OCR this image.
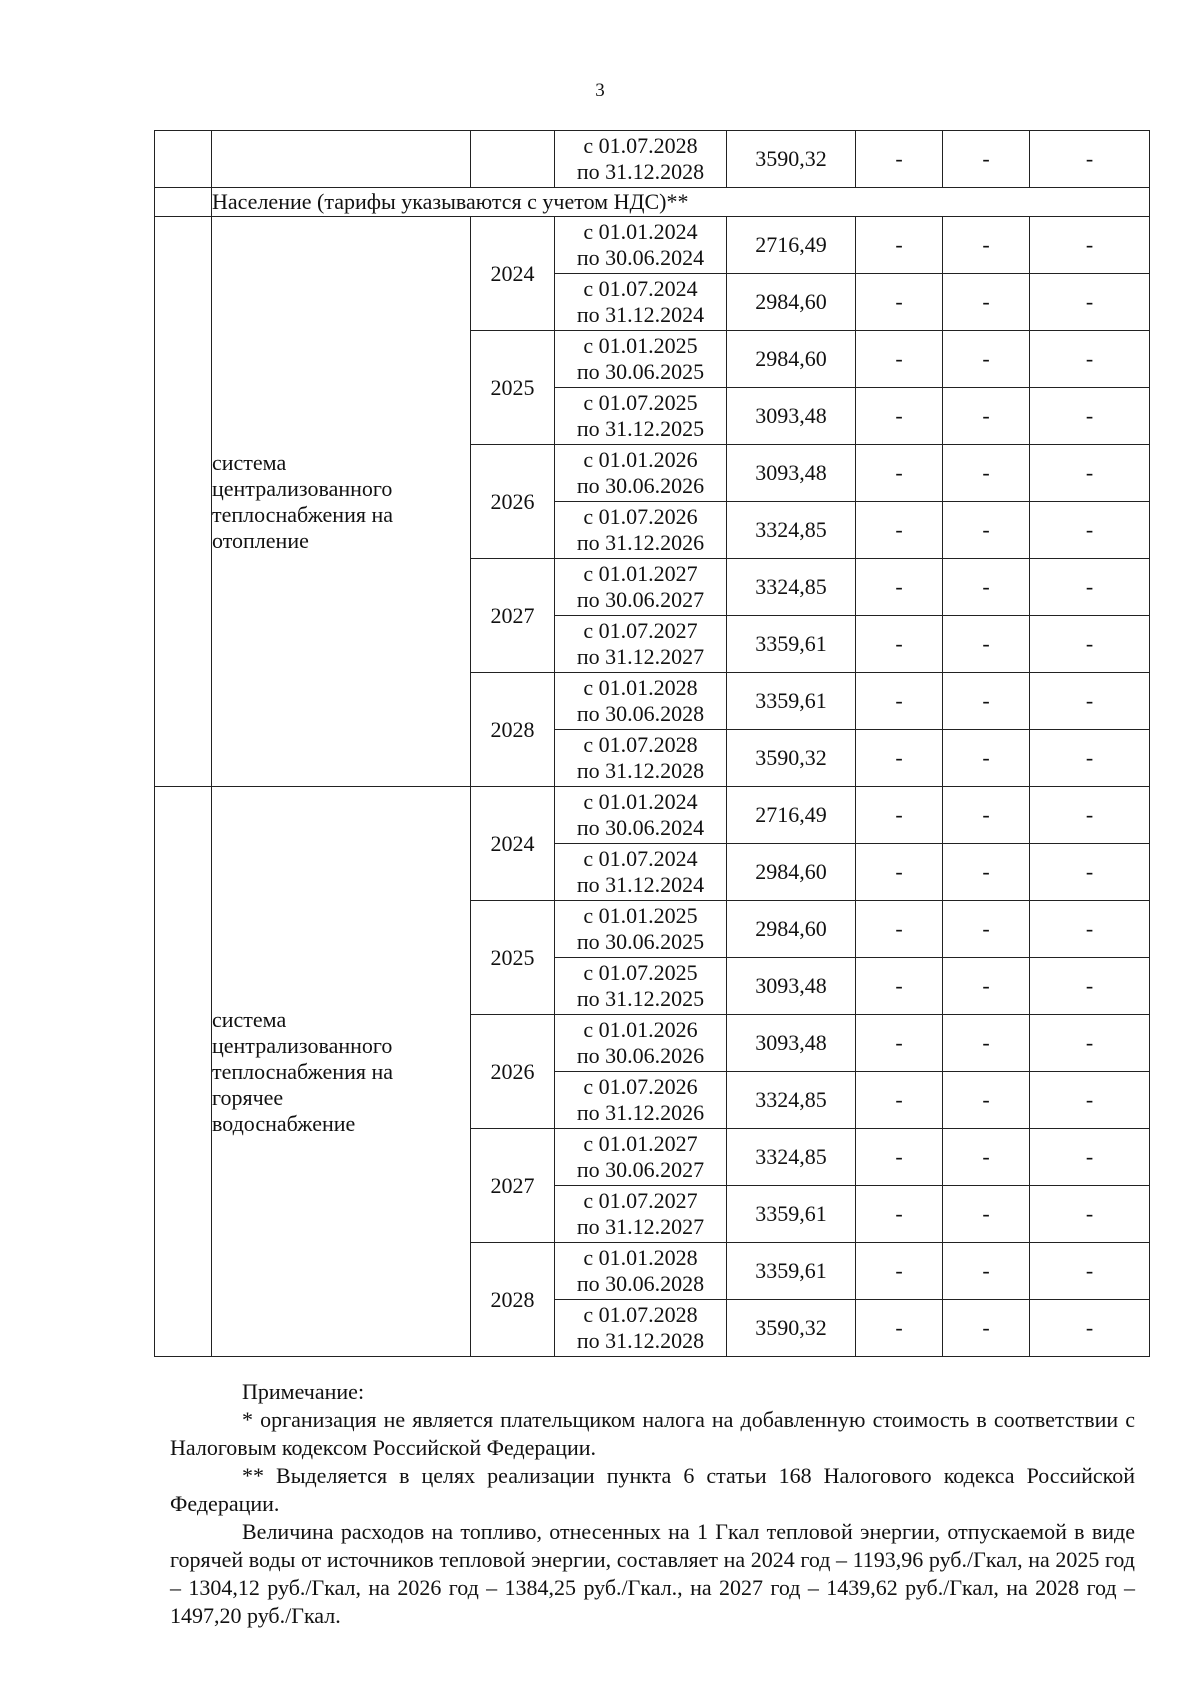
3

			с 01.07.2028
по 31.12.2028	3590,32	-	-	-
	Население (тарифы указываются с учетом НДС)**						

	система
централизованного
теплоснабжения на
отопление	2024	с 01.01.2024
по 30.06.2024	2716,49	-	-	-

			с 01.07.2024
по 31.12.2024	2984,60	-	-	-
		2025	с 01.01.2025
по 30.06.2025	2984,60	-	-	-

			с 01.07.2025
по 31.12.2025	3093,48	-	-	-
		2026	с 01.01.2026
по 30.06.2026	3093,48	-	-	-

			с 01.07.2026
по 31.12.2026	3324,85	-	-	-
		2027	с 01.01.2027
по 30.06.2027	3324,85	-	-	-

			с 01.07.2027
по 31.12.2027	3359,61	-	-	-
		2028	с 01.01.2028
по 30.06.2028	3359,61	-	-	-

			с 01.07.2028
по 31.12.2028	3590,32	-	-	-

	система
централизованного
теплоснабжения на
горячее
водоснабжение	2024	с 01.01.2024
по 30.06.2024	2716,49	-	-	-

			с 01.07.2024
по 31.12.2024	2984,60	-	-	-
		2025	с 01.01.2025
по 30.06.2025	2984,60	-	-	-

			с 01.07.2025
по 31.12.2025	3093,48	-	-	-
		2026	с 01.01.2026
по 30.06.2026	3093,48	-	-	-

			с 01.07.2026
по 31.12.2026	3324,85	-	-	-
		2027	с 01.01.2027
по 30.06.2027	3324,85	-	-	-

			с 01.07.2027
по 31.12.2027	3359,61	-	-	-
		2028	с 01.01.2028
по 30.06.2028	3359,61	-	-	-

			с 01.07.2028
по 31.12.2028	3590,32	-	-	-

Примечание:

* организация не является плательщиком налога на добавленную стоимость в соответствии с Налоговым кодексом Российской Федерации.

** Выделяется в целях реализации пункта 6 статьи 168 Налогового кодекса Российской Федерации.

Величина расходов на топливо, отнесенных на 1 Гкал тепловой энергии, отпускаемой в виде горячей воды от источников тепловой энергии, составляет на 2024 год – 1193,96 руб./Гкал, на 2025 год – 1304,12 руб./Гкал, на 2026 год – 1384,25 руб./Гкал., на 2027 год – 1439,62 руб./Гкал, на 2028 год – 1497,20 руб./Гкал.
